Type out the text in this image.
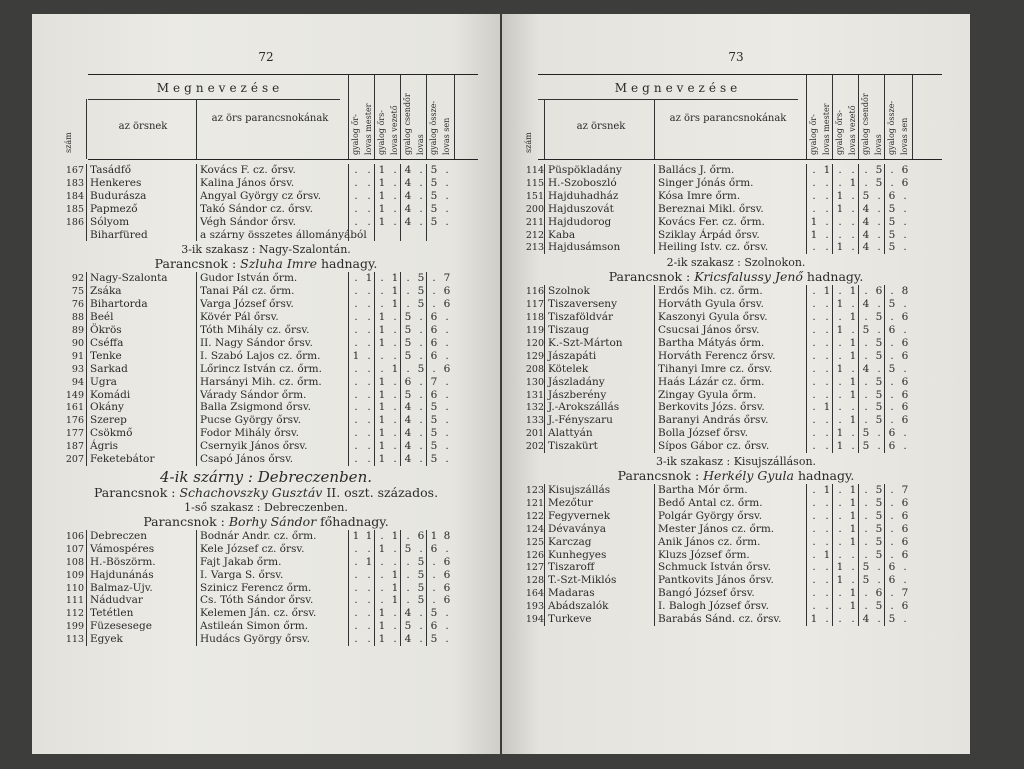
72
Megnevezése
szám
az örsnek
az örs parancsnokának	gyalog őr- lovas mester gyalog őrs- lovas vezető gyalog csendőr lovas gyalog össze- lovas sen
167 Tasádfő	Kovács F. cz. őrsv.	. . 1 . 4 . 5 .
183 Henkeres	Kalina János őrsv.	. . 1 . 4 . 5 .
184 Budurásza	Angyal György cz őrsv.	. . 1 . 4 . 5 .
185 Papmező	Takó Sándor cz. őrsv.	. . 1 . 4 . 5 .
186 Sólyom	Végh Sándor őrsv.	. . 1 . 4 . 5 .
Biharfüred	a szárny összetes állományából
3-ik szakasz : Nagy-Szalontán.
Parancsnok : Szluha Imre hadnagy.
92 Nagy-Szalonta	Gudor István őrm.	. 1 . 1 . 5 . 7
75 Zsáka	Tanai Pál cz. őrm.	. . . 1 . 5 . 6
76 Bihartorda	Varga József őrsv.	. . . 1 . 5 . 6
88 Beél	Kövér Pál őrsv.	. . 1 . 5 . 6 .
89 Ökrös	Tóth Mihály cz. őrsv.	. . 1 . 5 . 6 .
90 Cséffa	II. Nagy Sándor őrsv.	. . 1 . 5 . 6 .
91 Tenke	I. Szabó Lajos cz. őrm.	1 . . . 5 . 6 .
93 Sarkad	Lőrincz István cz. őrm.	. . . 1 . 5 . 6
94 Ugra	Harsányi Mih. cz. őrm.	. . 1 . 6 . 7 .
149 Komádi	Várady Sándor őrm.	. . 1 . 5 . 6 .
161 Okány	Balla Zsigmond őrsv.	. . 1 . 4 . 5 .
176 Szerep	Pucse György őrsv.	. . 1 . 4 . 5 .
177 Csökmő	Fodor Mihály őrsv.	. . 1 . 4 . 5 .
187 Ágris	Csernyik János őrsv.	. . 1 . 4 . 5 .
207 Feketebátor	Csapó János őrsv.	. . 1 . 4 . 5 .
4-ik szárny : Debreczenben.
Parancsnok : Schachovszky Gusztáv II. oszt. százados.
1-ső szakasz : Debreczenben.
Parancsnok : Borhy Sándor főhadnagy.
106 Debreczen	Bodnár Andr. cz. őrm.	1 1 . 1 . 6 1 8
107 Vámospéres	Kele József cz. őrsv.	. . 1 . 5 . 6 .
108 H.-Böszörm.	Fajt Jakab őrm.	. 1 . . . 5 . 6
109 Hajdunánás	I. Varga S. őrsv.	. . . 1 . 5 . 6
110 Balmaz-Ujv.	Szinicz Ferencz őrm.	. . . 1 . 5 . 6
111 Nádudvar	Cs. Tóth Sándor őrsv.	. . . 1 . 5 . 6
112 Tetétlen	Kelemen Ján. cz. őrsv.	. . 1 . 4 . 5 .
199 Füzesesege	Astileán Simon őrm.	. . 1 . 5 . 6 .
113 Egyek	Hudács György őrsv.	. . 1 . 4 . 5 .
73
Megnevezése
szám
az örsnek
az örs parancsnokának	gyalog őr- lovas mester gyalog őrs- lovas vezető gyalog csendőr lovas gyalog össze- lovas sen
114 Püspökladány	Ballács J. őrm.	. 1 . . . 5 . 6
115 H.-Szoboszló	Singer Jónás őrm.	. . . 1 . 5 . 6
151 Hajduhadház	Kósa Imre őrm.	. . 1 . 5 . 6 .
200 Hajduszovát	Bereznai Mikl. őrsv.	. . 1 . 4 . 5 .
211 Hajdudorog	Kovács Fer. cz. őrm.	1 . . . 4 . 5 .
212 Kaba	Sziklay Árpád őrsv.	1 . . . 4 . 5 .
213 Hajdusámson	Heiling Istv. cz. őrsv.	. . 1 . 4 . 5 .
2-ik szakasz : Szolnokon.
Parancsnok : Kricsfalussy Jenő hadnagy.
116 Szolnok	Erdős Mih. cz. őrm.	. 1 . 1 . 6 . 8
117 Tiszaverseny	Horváth Gyula őrsv.	. . 1 . 4 . 5 .
118 Tiszaföldvár	Kaszonyi Gyula őrsv.	. . . 1 . 5 . 6
119 Tiszaug	Csucsai János őrsv.	. . 1 . 5 . 6 .
120 K.-Szt-Márton	Bartha Mátyás őrm.	. . . 1 . 5 . 6
129 Jászapáti	Horváth Ferencz őrsv.	. . . 1 . 5 . 6
208 Kötelek	Tihanyi Imre cz. őrsv.	. . 1 . 4 . 5 .
130 Jászladány	Haás Lázár cz. őrm.	. . . 1 . 5 . 6
131 Jászberény	Zingay Gyula őrm.	. . . 1 . 5 . 6
132 J.-Arokszállás	Berkovits Józs. őrsv.	. 1 . . . 5 . 6
133 J.-Fényszaru	Baranyi András őrsv.	. . . 1 . 5 . 6
201 Alattyán	Bolla József őrsv.	. . 1 . 5 . 6 .
202 Tiszakürt	Sípos Gábor cz. őrsv.	. . 1 . 5 . 6 .
3-ik szakasz : Kisujszálláson.
Parancsnok : Herkély Gyula hadnagy.
123 Kisujszállás	Bartha Mór őrm.	. 1 . 1 . 5 . 7
121 Mezőtur	Bedő Antal cz. őrm.	. . . 1 . 5 . 6
122 Fegyvernek	Polgár György őrsv.	. . . 1 . 5 . 6
124 Dévaványa	Mester János cz. őrm.	. . . 1 . 5 . 6
125 Karczag	Anik János cz. őrm.	. . . 1 . 5 . 6
126 Kunhegyes	Kluzs József őrm.	. 1 . . . 5 . 6
127 Tiszaroff	Schmuck István őrsv.	. . 1 . 5 . 6 .
128 T.-Szt-Miklós	Pantkovits János őrsv.	. . 1 . 5 . 6 .
164 Madaras	Bangó József őrsv.	. . . 1 . 6 . 7
193 Abádszalók	I. Balogh József őrsv.	. . . 1 . 5 . 6
194 Turkeve	Barabás Sánd. cz. őrsv.	1 . . . 4 . 5 .
